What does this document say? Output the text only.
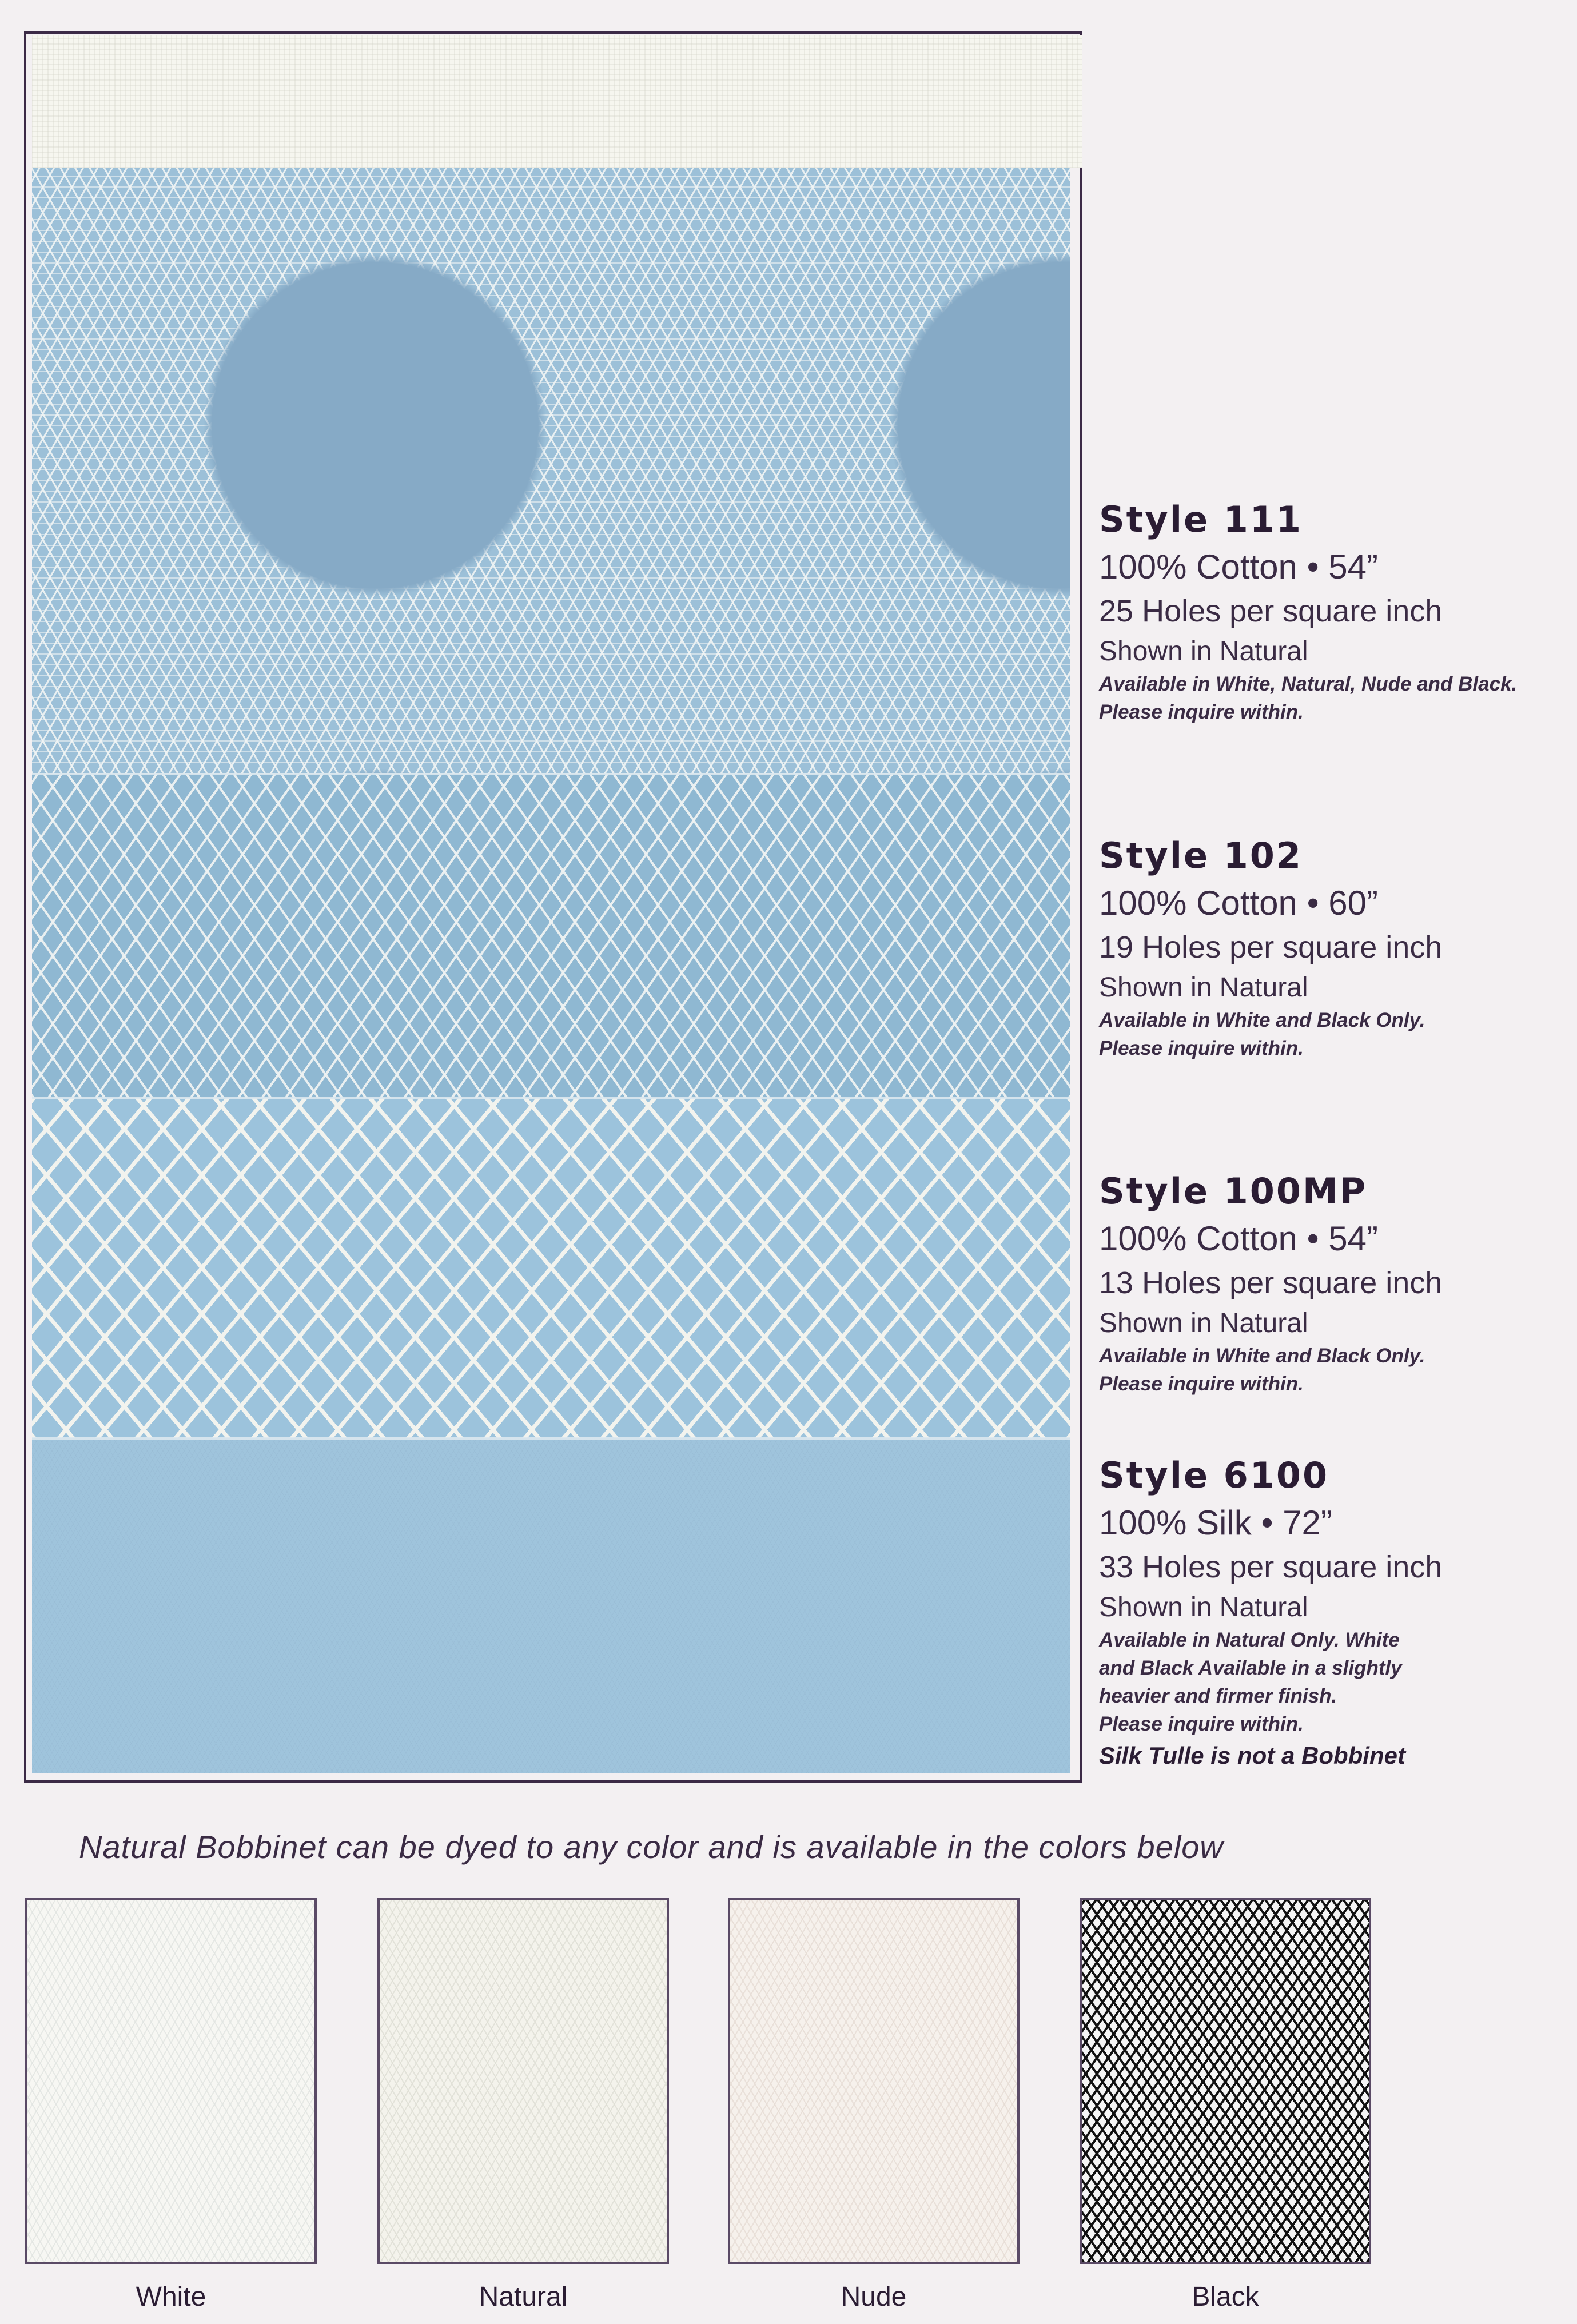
Style 111
100% Cotton • 54”
25 Holes per square inch
Shown in Natural
Available in White, Natural, Nude and Black.
Please inquire within.
Style 102
100% Cotton • 60”
19 Holes per square inch
Shown in Natural
Available in White and Black Only.
Please inquire within.
Style 100MP
100% Cotton • 54”
13 Holes per square inch
Shown in Natural
Available in White and Black Only.
Please inquire within.
Style 6100
100% Silk • 72”
33 Holes per square inch
Shown in Natural
Available in Natural Only. White
and Black Available in a slightly
heavier and firmer finish.
Please inquire within.
Silk Tulle is not a Bobbinet
Natural Bobbinet can be dyed to any color and is available in the colors below
White	Natural	Nude	Black
